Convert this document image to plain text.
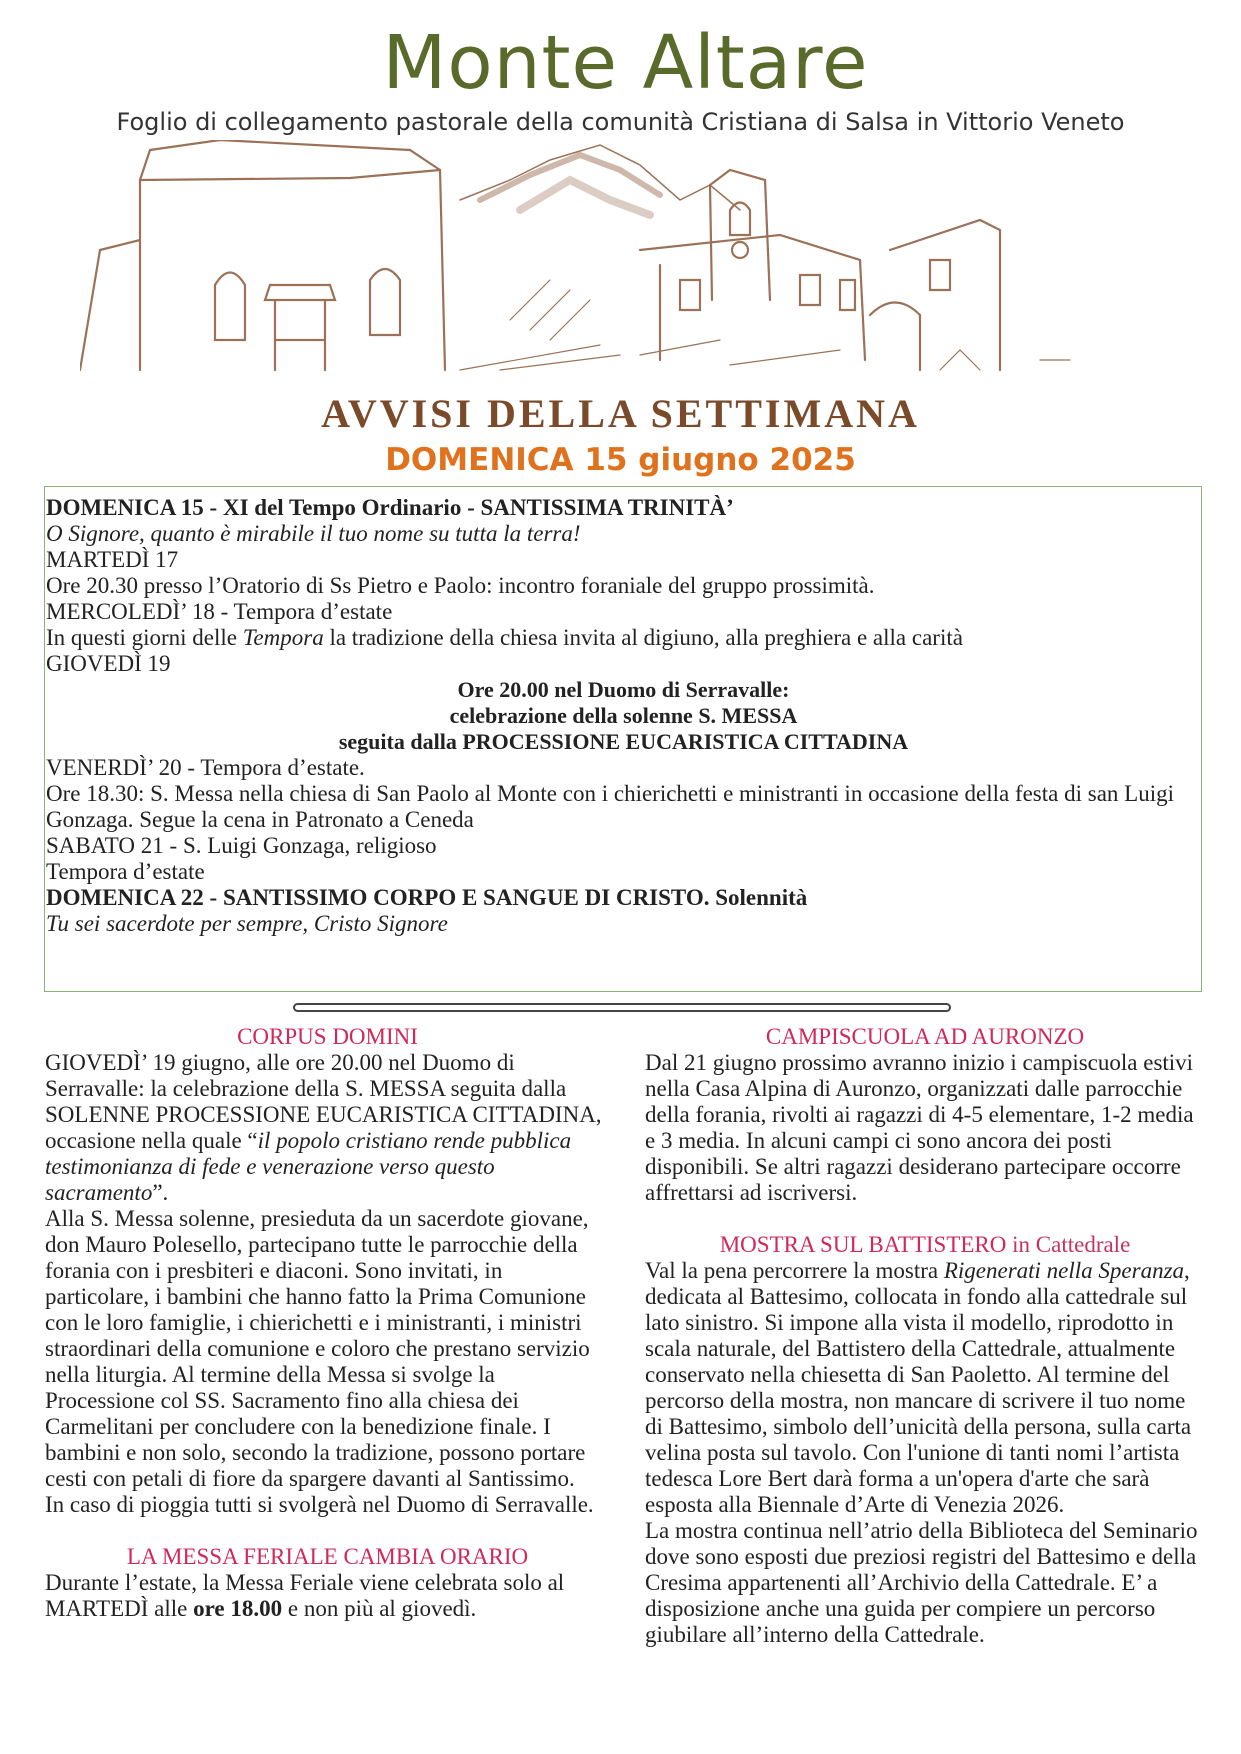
Monte Altare
Foglio di collegamento pastorale della comunità Cristiana di Salsa in Vittorio Veneto
AVVISI DELLA SETTIMANA
DOMENICA 15 giugno 2025

DOMENICA 15 - XI del Tempo Ordinario - SANTISSIMA TRINITÀ’

O Signore, quanto è mirabile il tuo nome su tutta la terra!

MARTEDÌ 17

Ore 20.30 presso l’Oratorio di Ss Pietro e Paolo: incontro foraniale del gruppo prossimità.

MERCOLEDÌ’ 18 - Temporа d’estate

In questi giorni delle Tempora la tradizione della chiesa invita al digiuno, alla preghiera e alla carità

GIOVEDÌ 19

Ore 20.00 nel Duomo di Serravalle:

celebrazione della solenne S. MESSA

seguita dalla PROCESSIONE EUCARISTICA CITTADINA

VENERDÌ’ 20 - Tempora d’estate.

Ore 18.30: S. Messa nella chiesa di San Paolo al Monte con i chierichetti e ministranti in occasione della festa di san Luigi Gonzaga. Segue la cena in Patronato a Ceneda

SABATO 21 - S. Luigi Gonzaga, religioso

Tempora d’estate

DOMENICA 22 - SANTISSIMO CORPO E SANGUE DI CRISTO. Solennità

Tu sei sacerdote per sempre, Cristo Signore

CORPUS DOMINI

GIOVEDÌ’ 19 giugno, alle ore 20.00 nel Duomo di Serravalle: la celebrazione della S. MESSA seguita dalla SOLENNE PROCESSIONE EUCARISTICA CITTADINA, occasione nella quale “il popolo cristiano rende pubblica testimonianza di fede e venerazione verso questo sacramento”.

Alla S. Messa solenne, presieduta da un sacerdote giovane, don Mauro Polesello, partecipano tutte le parrocchie della forania con i presbiteri e diaconi. Sono invitati, in particolare, i bambini che hanno fatto la Prima Comunione con le loro famiglie, i chierichetti e i ministranti, i ministri straordinari della comunione e coloro che prestano servizio nella liturgia. Al termine della Messa si svolge la Processione col SS. Sacramento fino alla chiesa dei Carmelitani per concludere con la benedizione finale. I bambini e non solo, secondo la tradizione, possono portare cesti con petali di fiore da spargere davanti al Santissimo.

In caso di pioggia tutti si svolgerà nel Duomo di Serravalle.

LA MESSA FERIALE CAMBIA ORARIO

Durante l’estate, la Messa Feriale viene celebrata solo al MARTEDÌ alle ore 18.00 e non più al giovedì.

CAMPISCUOLA AD AURONZO

Dal 21 giugno prossimo avranno inizio i campiscuola estivi nella Casa Alpina di Auronzo, organizzati dalle parrocchie della forania, rivolti ai ragazzi di 4-5 elementare, 1-2 media e 3 media. In alcuni campi ci sono ancora dei posti disponibili. Se altri ragazzi desiderano partecipare occorre affrettarsi ad iscriversi.

MOSTRA SUL BATTISTERO in Cattedrale

Val la pena percorrere la mostra Rigenerati nella Speranza, dedicata al Battesimo, collocata in fondo alla cattedrale sul lato sinistro. Si impone alla vista il modello, riprodotto in scala naturale, del Battistero della Cattedrale, attualmente conservato nella chiesetta di San Paoletto. Al termine del percorso della mostra, non mancare di scrivere il tuo nome di Battesimo, simbolo dell’unicità della persona, sulla carta velina posta sul tavolo. Con l'unione di tanti nomi l’artista tedesca Lore Bert darà forma a un'opera d'arte che sarà esposta alla Biennale d’Arte di Venezia 2026.

La mostra continua nell’atrio della Biblioteca del Seminario dove sono esposti due preziosi registri del Battesimo e della Cresima appartenenti all’Archivio della Cattedrale. E’ a disposizione anche una guida per compiere un percorso giubilare all’interno della Cattedrale.
